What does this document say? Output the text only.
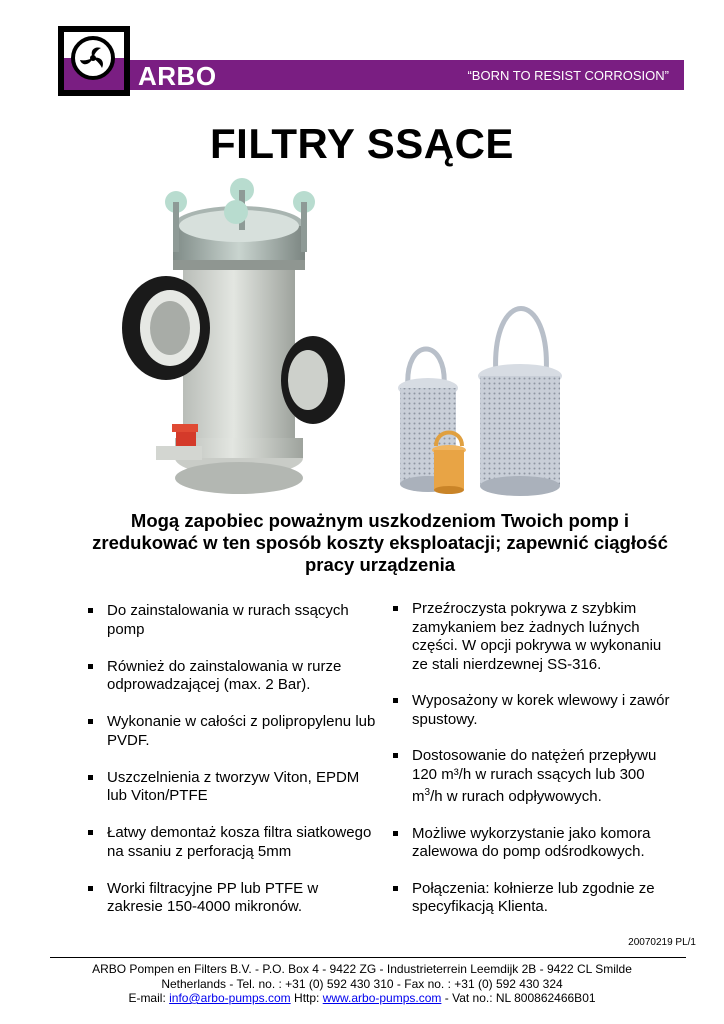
ARBO	“BORN TO RESIST CORROSION”
FILTRY SSĄCE
Mogą zapobiec poważnym uszkodzeniom Twoich pomp i zredukować w ten sposób koszty eksploatacji; zapewnić ciągłość pracy urządzenia
Do zainstalowania w rurach ssących pomp
Również do zainstalowania w rurze odprowadzającej (max. 2 Bar).
Wykonanie w całości z polipropylenu lub PVDF.
Uszczelnienia z tworzyw Viton, EPDM lub Viton/PTFE
Łatwy demontaż kosza filtra siatkowego na ssaniu z perforacją 5mm
Worki filtracyjne PP lub PTFE w zakresie 150-4000 mikronów.
Przeźroczysta pokrywa z szybkim zamykaniem bez żadnych luźnych części. W opcji pokrywa w wykonaniu ze stali nierdzewnej SS-316.
Wyposażony w korek wlewowy i zawór spustowy.
Dostosowanie do natężeń przepływu 120 m³/h w rurach ssących lub 300 $m^3/h$ w rurach odpływowych.
Możliwe wykorzystanie jako komora zalewowa do pomp odśrodkowych.
Połączenia: kołnierze lub zgodnie ze specyfikacją Klienta.
20070219 PL/1
ARBO Pompen en Filters B.V. - P.O. Box 4 - 9422 ZG - Industrieterrein Leemdijk 2B - 9422 CL Smilde
Netherlands - Tel. no. : +31 (0) 592 430 310 - Fax no. : +31 (0) 592 430 324
E-mail: info@arbo-pumps.com Http: www.arbo-pumps.com - Vat no.: NL 800862466B01
